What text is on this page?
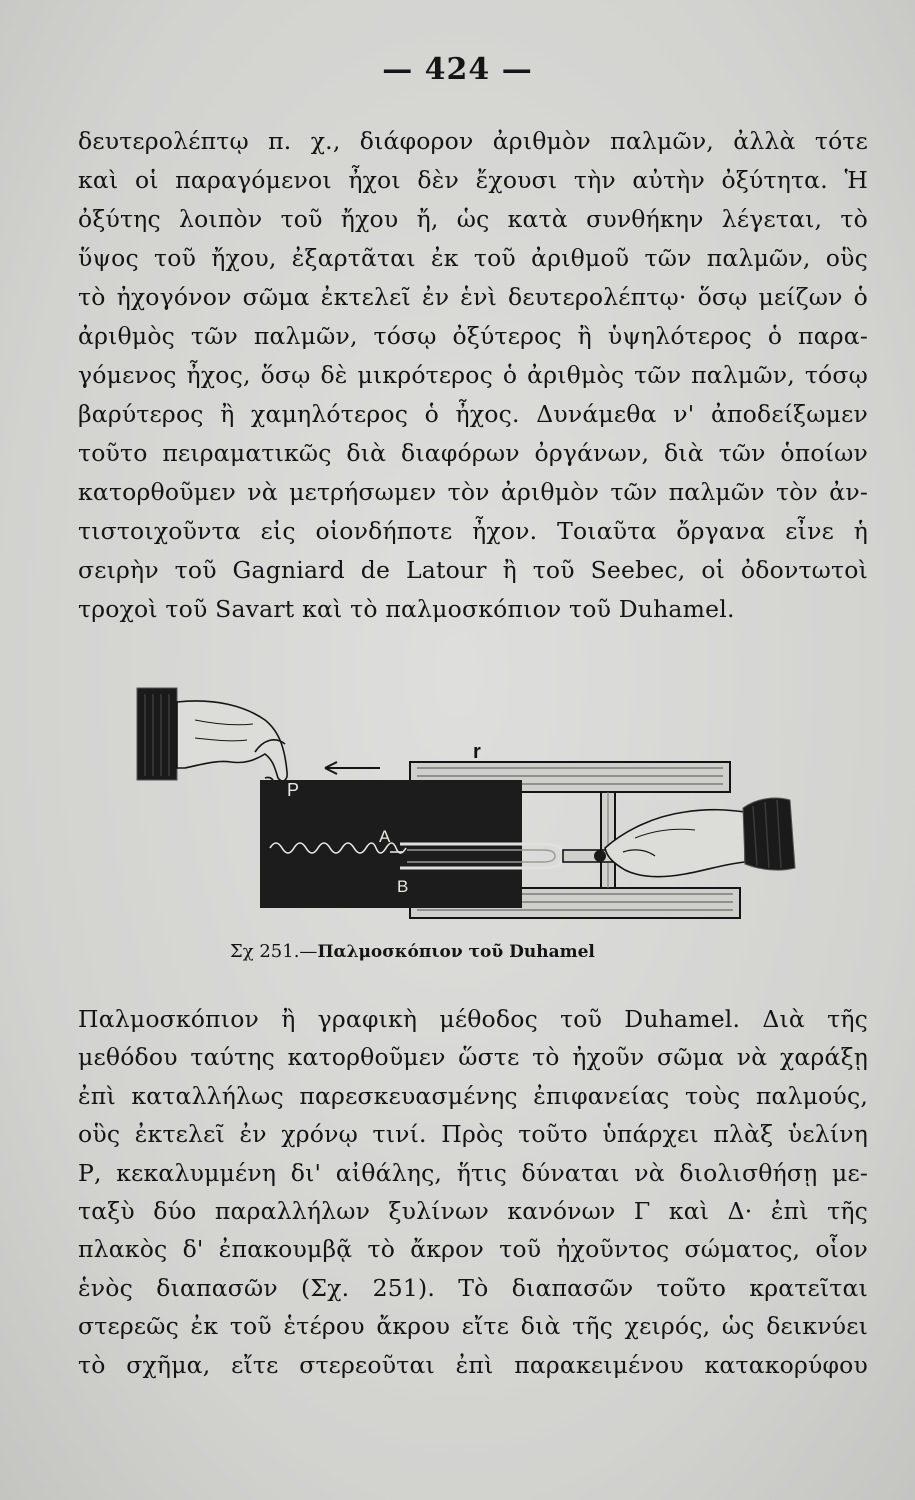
— 424 —
δευτερολέπτῳ π. χ., διάφορον ἀριθμὸν παλμῶν, ἀλλὰ τότε
καὶ οἱ παραγόμενοι ἦχοι δὲν ἔχουσι τὴν αὐτὴν ὀξύτητα. Ἡ
ὀξύτης λοιπὸν τοῦ ἤχου ἤ, ὡς κατὰ συνθήκην λέγεται, τὸ
ὕψος τοῦ ἤχου, ἐξαρτᾶται ἐκ τοῦ ἀριθμοῦ τῶν παλμῶν, οὓς
τὸ ἠχογόνον σῶμα ἐκτελεῖ ἐν ἑνὶ δευτερολέπτῳ· ὅσῳ μείζων ὁ
ἀριθμὸς τῶν παλμῶν, τόσῳ ὀξύτερος ἢ ὑψηλότερος ὁ παρα-
γόμενος ἦχος, ὅσῳ δὲ μικρότερος ὁ ἀριθμὸς τῶν παλμῶν, τόσῳ
βαρύτερος ἢ χαμηλότερος ὁ ἦχος. Δυνάμεθα ν' ἀποδείξωμεν
τοῦτο πειραματικῶς διὰ διαφόρων ὀργάνων, διὰ τῶν ὁποίων
κατορθοῦμεν νὰ μετρήσωμεν τὸν ἀριθμὸν τῶν παλμῶν τὸν ἀν-
τιστοιχοῦντα εἰς οἱονδήποτε ἦχον. Τοιαῦτα ὄργανα εἶνε ἡ
σειρὴν τοῦ Gagniard de Latour ἢ τοῦ Seebec, οἱ ὀδοντωτοὶ
τροχοὶ τοῦ Savart καὶ τὸ παλμοσκόπιον τοῦ Duhamel.
P
A
B
r
Σχ 251.—Παλμοσκόπιον τοῦ Duhamel
Παλμοσκόπιον ἢ γραφικὴ μέθοδος τοῦ Duhamel. Διὰ τῆς
μεθόδου ταύτης κατορθοῦμεν ὥστε τὸ ἠχοῦν σῶμα νὰ χαράξῃ
ἐπὶ καταλλήλως παρεσκευασμένης ἐπιφανείας τοὺς παλμούς,
οὓς ἐκτελεῖ ἐν χρόνῳ τινί. Πρὸς τοῦτο ὑπάρχει πλὰξ ὑελίνη
Ρ, κεκαλυμμένη δι' αἰθάλης, ἥτις δύναται νὰ διολισθήσῃ με-
ταξὺ δύο παραλλήλων ξυλίνων κανόνων Γ καὶ Δ· ἐπὶ τῆς
πλακὸς δ' ἐπακουμβᾷ τὸ ἄκρον τοῦ ἠχοῦντος σώματος, οἷον
ἑνὸς διαπασῶν (Σχ. 251). Τὸ διαπασῶν τοῦτο κρατεῖται
στερεῶς ἐκ τοῦ ἑτέρου ἄκρου εἴτε διὰ τῆς χειρός, ὡς δεικνύει
τὸ σχῆμα, εἴτε στερεοῦται ἐπὶ παρακειμένου κατακορύφου
